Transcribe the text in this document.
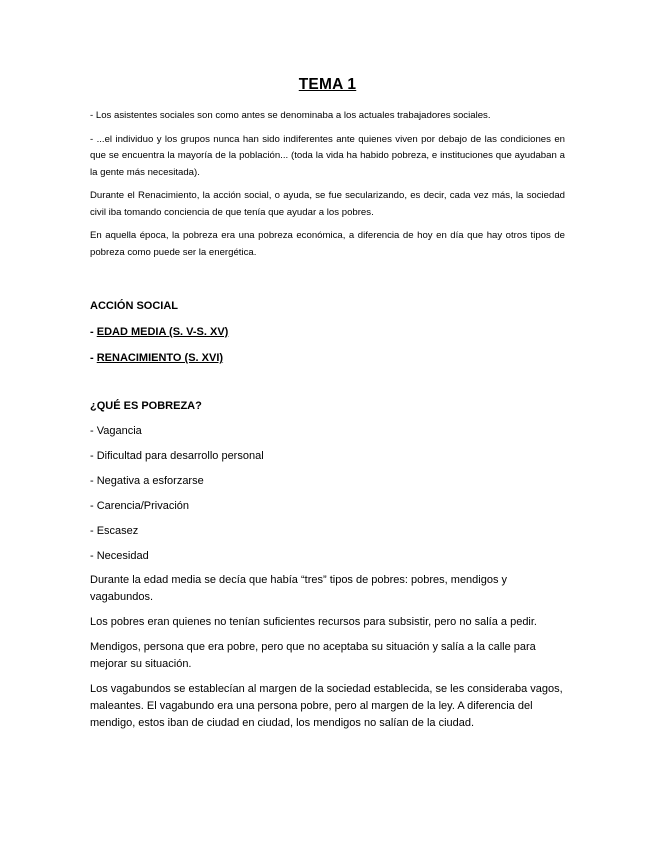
TEMA 1

- Los asistentes sociales son como antes se denominaba a los actuales trabajadores sociales.

- ...el individuo y los grupos nunca han sido indiferentes ante quienes viven por debajo de las condiciones en que se encuentra la mayoría de la población... (toda la vida ha habido pobreza, e instituciones que ayudaban a la gente más necesitada).

Durante el Renacimiento, la acción social, o ayuda, se fue secularizando, es decir, cada vez más, la sociedad civil iba tomando conciencia de que tenía que ayudar a los pobres.

En aquella época, la pobreza era una pobreza económica, a diferencia de hoy en día que hay otros tipos de pobreza como puede ser la energética.

ACCIÓN SOCIAL

- EDAD MEDIA (S. V-S. XV)

- RENACIMIENTO (S. XVI)

¿QUÉ ES POBREZA?

- Vagancia

- Dificultad para desarrollo personal

- Negativa a esforzarse

- Carencia/Privación

- Escasez

- Necesidad

Durante la edad media se decía que había “tres” tipos de pobres: pobres, mendigos y vagabundos.

Los pobres eran quienes no tenían suficientes recursos para subsistir, pero no salía a pedir.

Mendigos, persona que era pobre, pero que no aceptaba su situación y salía a la calle para mejorar su situación.

Los vagabundos se establecían al margen de la sociedad establecida, se les consideraba vagos, maleantes. El vagabundo era una persona pobre, pero al margen de la ley. A diferencia del mendigo, estos iban de ciudad en ciudad, los mendigos no salían de la ciudad.
